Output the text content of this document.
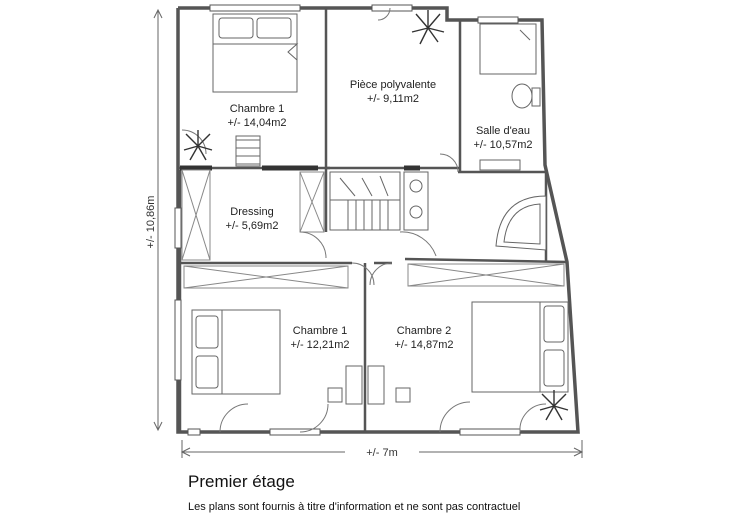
+/- 10,86m
+/- 7m
Chambre 1
+/- 14,04m2
Pièce polyvalente
+/- 9,11m2
Salle d'eau
+/- 10,57m2
Dressing
+/- 5,69m2
Chambre 1
+/- 12,21m2
Chambre 2
+/- 14,87m2
Premier étage
Les plans sont fournis à titre d'information et ne sont pas contractuel
